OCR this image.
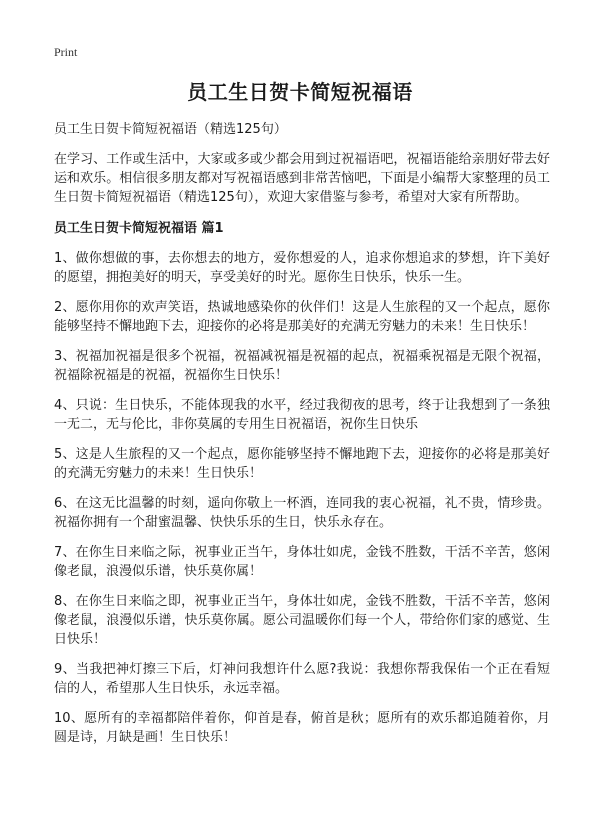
Print
员工生日贺卡简短祝福语

员工生日贺卡简短祝福语（精选125句）

在学习、工作或生活中，大家或多或少都会用到过祝福语吧，祝福语能给亲朋好带去好运和欢乐。相信很多朋友都对写祝福语感到非常苦恼吧，下面是小编帮大家整理的员工生日贺卡简短祝福语（精选125句），欢迎大家借鉴与参考，希望对大家有所帮助。

员工生日贺卡简短祝福语 篇1

1、做你想做的事，去你想去的地方，爱你想爱的人，追求你想追求的梦想，许下美好的愿望，拥抱美好的明天，享受美好的时光。愿你生日快乐，快乐一生。

2、愿你用你的欢声笑语，热诚地感染你的伙伴们！这是人生旅程的又一个起点，愿你能够坚持不懈地跑下去，迎接你的必将是那美好的充满无穷魅力的未来！生日快乐！

3、祝福加祝福是很多个祝福，祝福减祝福是祝福的起点，祝福乘祝福是无限个祝福，祝福除祝福是的祝福，祝福你生日快乐！

4、只说：生日快乐，不能体现我的水平，经过我彻夜的思考，终于让我想到了一条独一无二，无与伦比，非你莫属的专用生日祝福语，祝你生日快乐

5、这是人生旅程的又一个起点，愿你能够坚持不懈地跑下去，迎接你的必将是那美好的充满无穷魅力的未来！生日快乐！

6、在这无比温馨的时刻，遥向你敬上一杯酒，连同我的衷心祝福，礼不贵，情珍贵。祝福你拥有一个甜蜜温馨、快快乐乐的生日，快乐永存在。

7、在你生日来临之际，祝事业正当午，身体壮如虎，金钱不胜数，干活不辛苦，悠闲像老鼠，浪漫似乐谱，快乐莫你属！

8、在你生日来临之即，祝事业正当午，身体壮如虎，金钱不胜数，干活不辛苦，悠闲像老鼠，浪漫似乐谱，快乐莫你属。愿公司温暖你们每一个人，带给你们家的感觉、生日快乐！

9、当我把神灯擦三下后，灯神问我想许什么愿?我说：我想你帮我保佑一个正在看短信的人，希望那人生日快乐，永远幸福。

10、愿所有的幸福都陪伴着你，仰首是春，俯首是秋；愿所有的欢乐都追随着你，月圆是诗，月缺是画！生日快乐！
